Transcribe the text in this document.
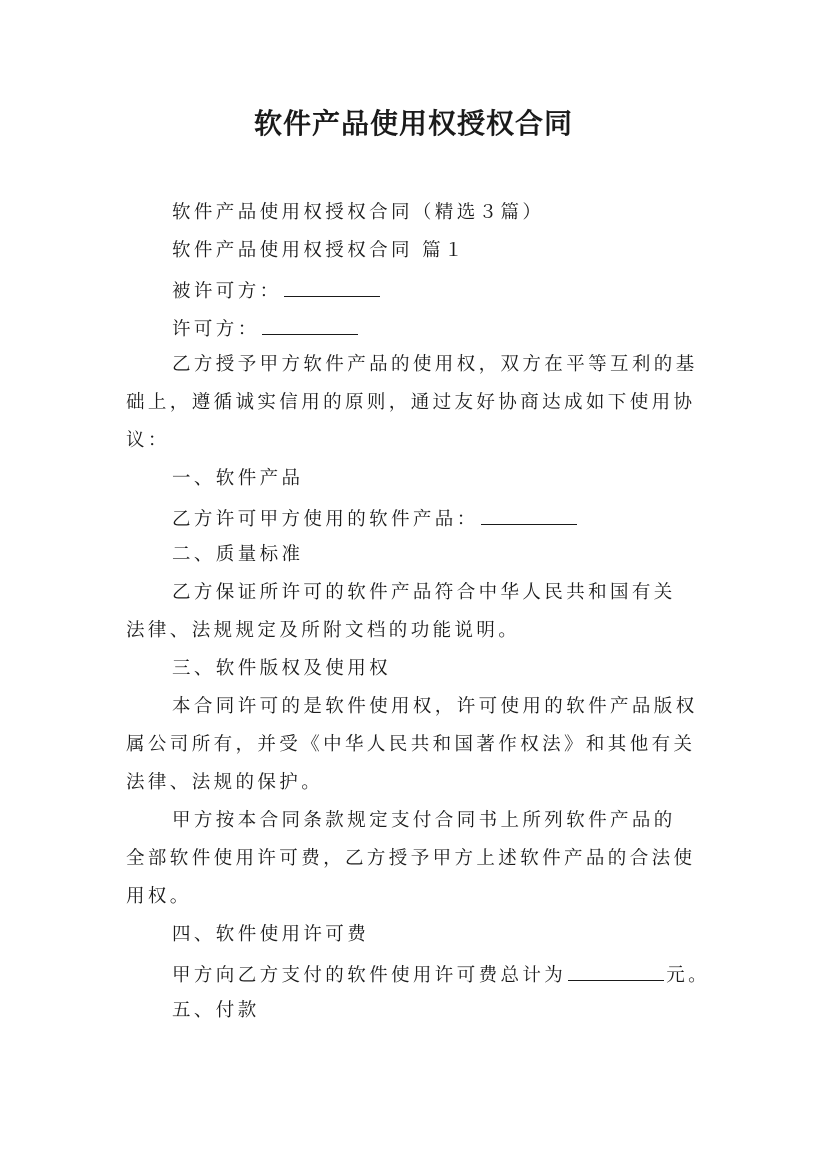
软件产品使用权授权合同

软件产品使用权授权合同（精选３篇）

软件产品使用权授权合同 篇１

被许可方：

许可方：

乙方授予甲方软件产品的使用权，双方在平等互利的基

础上，遵循诚实信用的原则，通过友好协商达成如下使用协

议：

一、软件产品

乙方许可甲方使用的软件产品：

二、质量标准

乙方保证所许可的软件产品符合中华人民共和国有关

法律、法规规定及所附文档的功能说明。

三、软件版权及使用权

本合同许可的是软件使用权，许可使用的软件产品版权

属公司所有，并受《中华人民共和国著作权法》和其他有关

法律、法规的保护。

甲方按本合同条款规定支付合同书上所列软件产品的

全部软件使用许可费，乙方授予甲方上述软件产品的合法使

用权。

四、软件使用许可费

甲方向乙方支付的软件使用许可费总计为	元。

五、付款
